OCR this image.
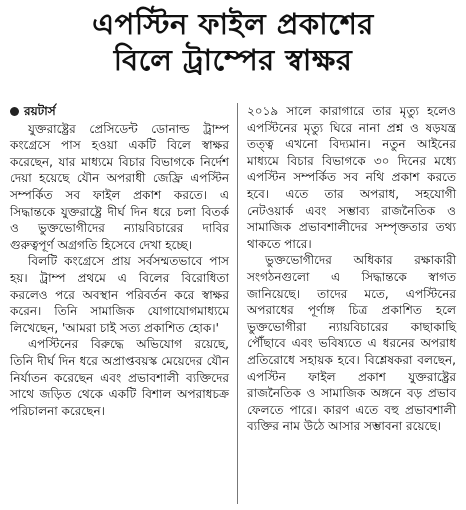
এপস্টিন ফাইল প্রকাশের
বিলে ট্রাম্পের স্বাক্ষর
রয়টার্স

যুক্তরাষ্ট্রের প্রেসিডেন্ট ডোনাল্ড ট্রাম্প কংগ্রেসে পাস হওয়া একটি বিলে স্বাক্ষর করেছেন, যার মাধ্যমে বিচার বিভাগকে নির্দেশ দেয়া হয়েছে যৌন অপরাধী জেফ্রি এপস্টিন সম্পর্কিত সব ফাইল প্রকাশ করতে। এ সিদ্ধান্তকে যুক্তরাষ্ট্রে দীর্ঘ দিন ধরে চলা বিতর্ক ও ভুক্তভোগীদের ন্যায়বিচারের দাবির গুরুত্বপূর্ণ অগ্রগতি হিসেবে দেখা হচ্ছে।

বিলটি কংগ্রেসে প্রায় সর্বসম্মতভাবে পাস হয়। ট্রাম্প প্রথমে এ বিলের বিরোধিতা করলেও পরে অবস্থান পরিবর্তন করে স্বাক্ষর করেন। তিনি সামাজিক যোগাযোগমাধ্যমে লিখেছেন, 'আমরা চাই সত্য প্রকাশিত হোক।'

এপস্টিনের বিরুদ্ধে অভিযোগ রয়েছে, তিনি দীর্ঘ দিন ধরে অপ্রাপ্তবয়স্ক মেয়েদের যৌন নির্যাতন করেছেন এবং প্রভাবশালী ব্যক্তিদের সাথে জড়িত থেকে একটি বিশাল অপরাধচক্র পরিচালনা করেছেন।

২০১৯ সালে কারাগারে তার মৃত্যু হলেও এপস্টিনের মৃত্যু ঘিরে নানা প্রশ্ন ও ষড়যন্ত্র তত্ত্ব এখনো বিদ্যমান। নতুন আইনের মাধ্যমে বিচার বিভাগকে ৩০ দিনের মধ্যে এপস্টিন সম্পর্কিত সব নথি প্রকাশ করতে হবে। এতে তার অপরাধ, সহযোগী নেটওয়ার্ক এবং সম্ভাব্য রাজনৈতিক ও সামাজিক প্রভাবশালীদের সম্পৃক্ততার তথ্য থাকতে পারে।

ভুক্তভোগীদের অধিকার রক্ষাকারী সংগঠনগুলো এ সিদ্ধান্তকে স্বাগত জানিয়েছে। তাদের মতে, এপস্টিনের অপরাধের পূর্ণাঙ্গ চিত্র প্রকাশিত হলে ভুক্তভোগীরা ন্যায়বিচারের কাছাকাছি পৌঁছাবে এবং ভবিষ্যতে এ ধরনের অপরাধ প্রতিরোধে সহায়ক হবে। বিশ্লেষকরা বলছেন, এপস্টিন ফাইল প্রকাশ যুক্তরাষ্ট্রের রাজনৈতিক ও সামাজিক অঙ্গনে বড় প্রভাব ফেলতে পারে। কারণ এতে বহু প্রভাবশালী ব্যক্তির নাম উঠে আসার সম্ভাবনা রয়েছে।
